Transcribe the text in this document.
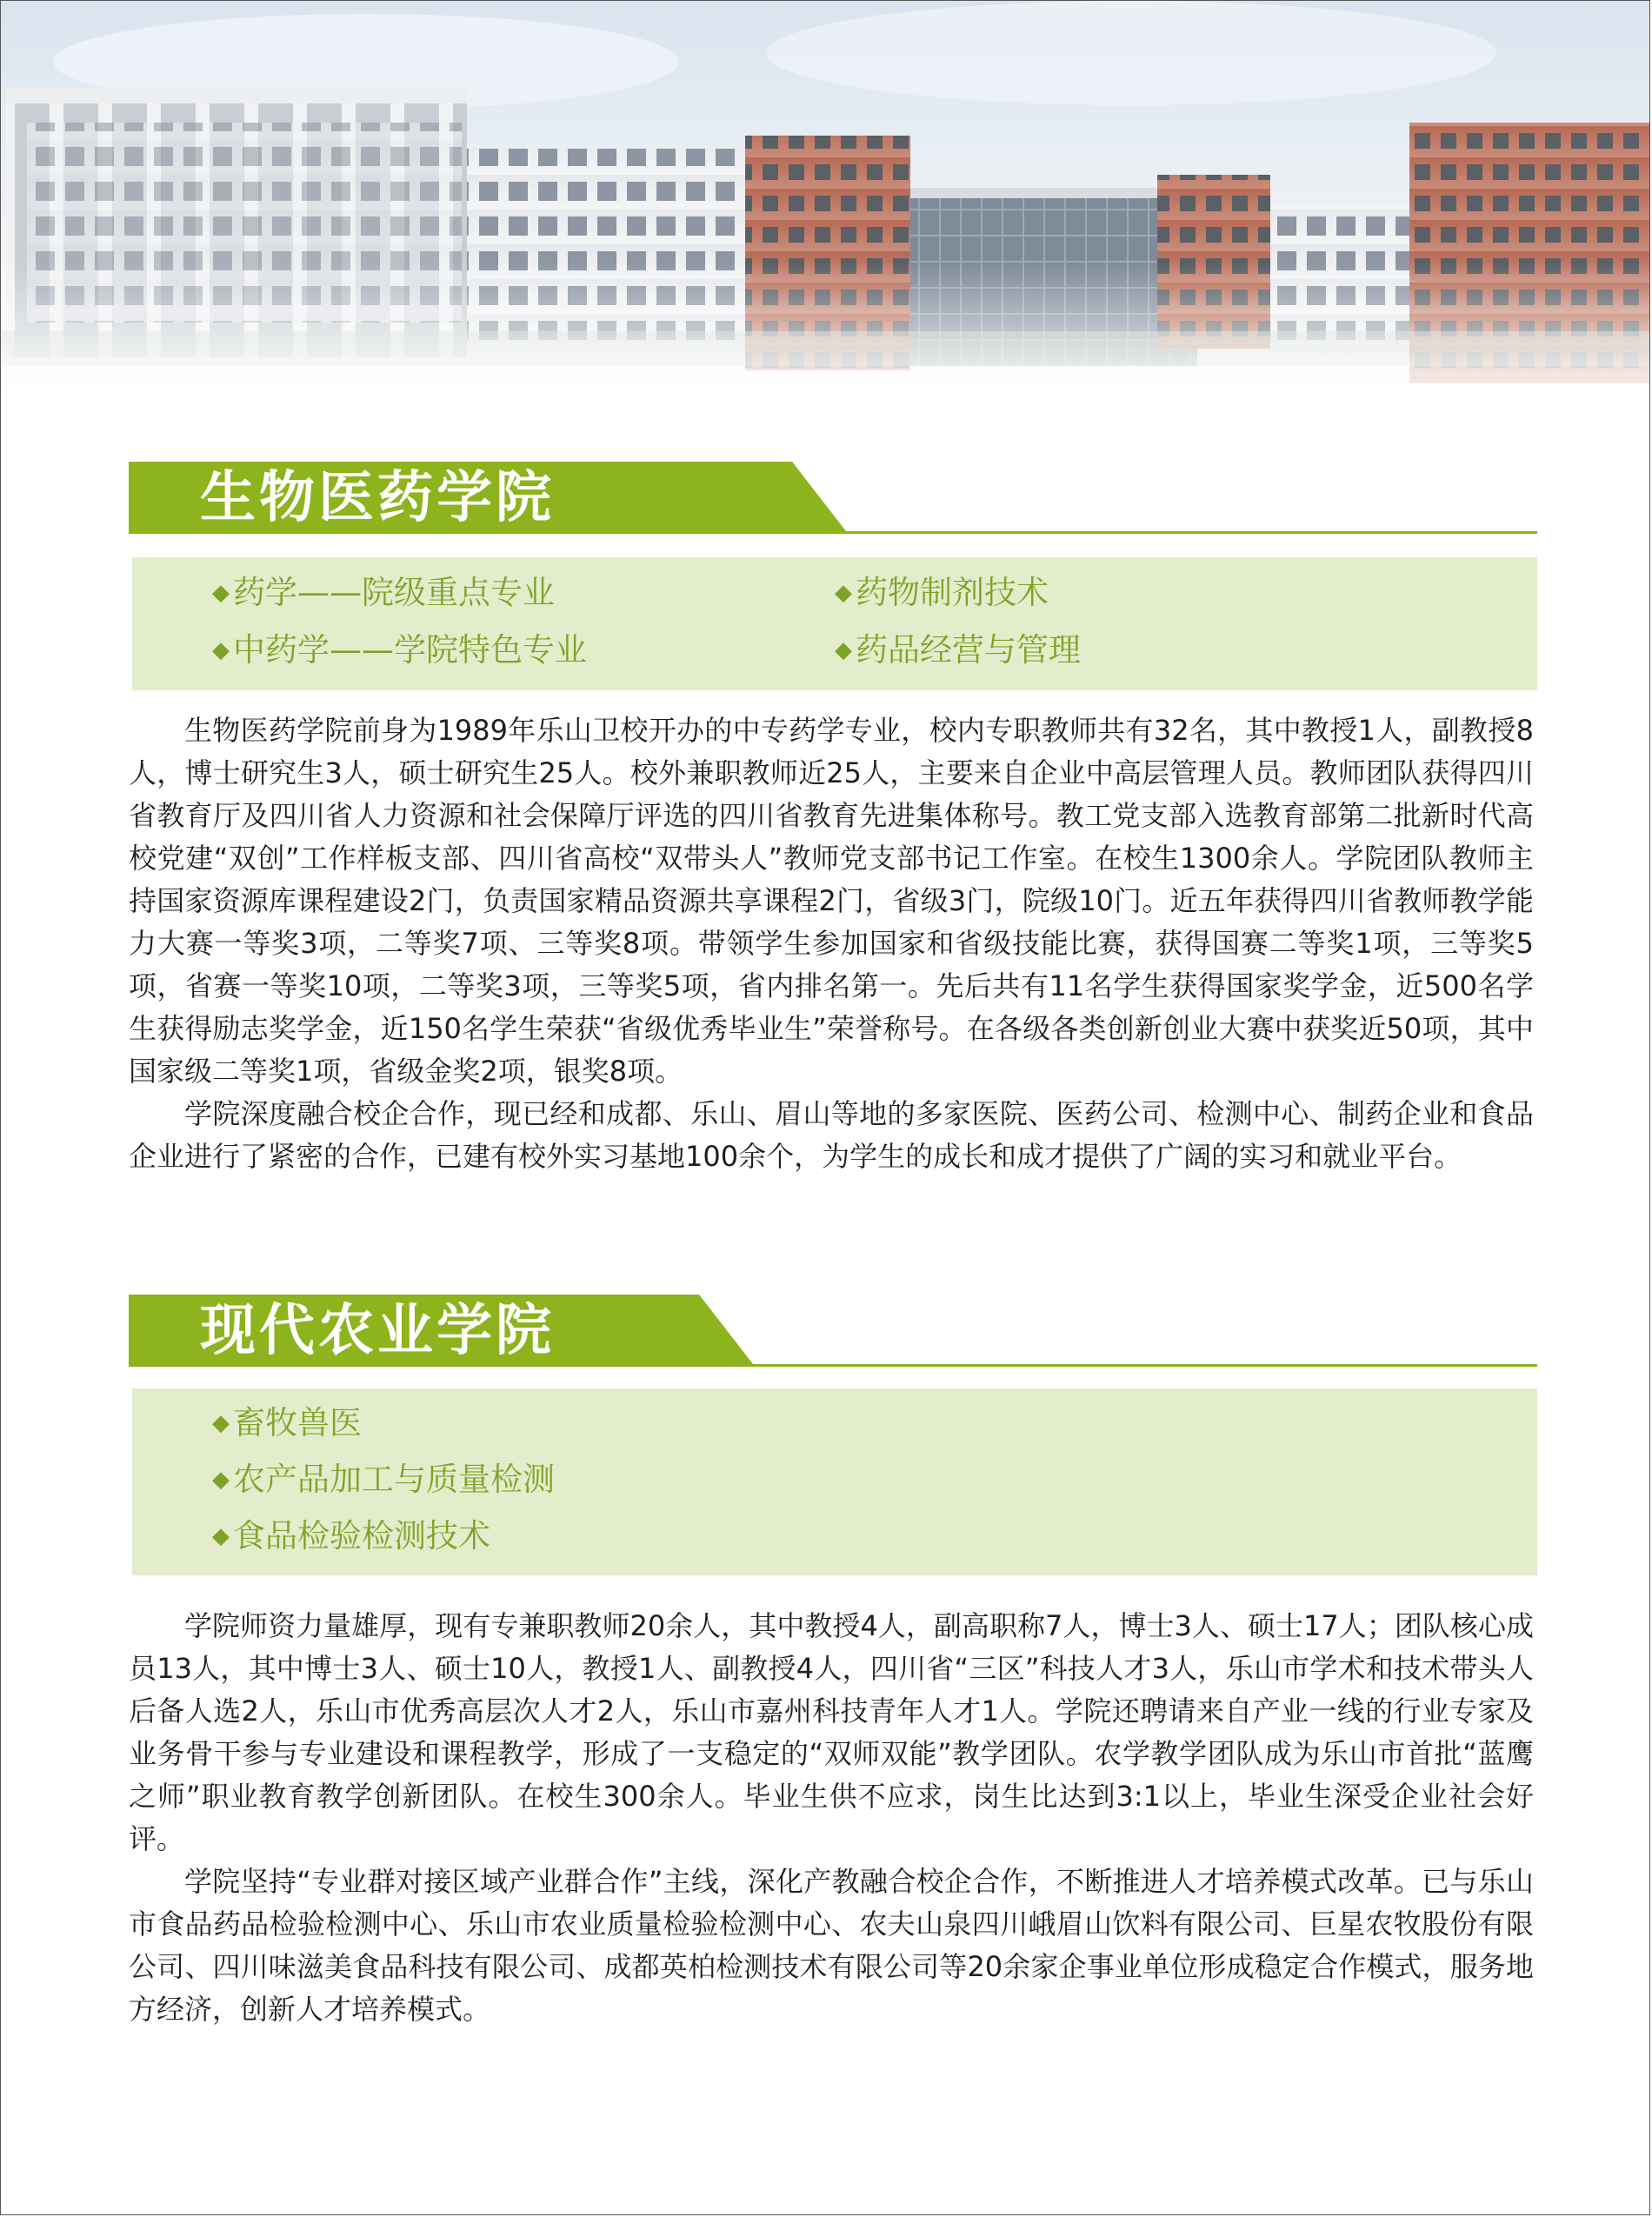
生物医药学院
◆ 药学——院级重点专业	◆ 药物制剂技术
◆ 中药学——学院特色专业	◆ 药品经营与管理

生物医药学院前身为1989年乐山卫校开办的中专药学专业，校内专职教师共有32名，其中教授1人，副教授8人，博士研究生3人，硕士研究生25人。校外兼职教师近25人，主要来自企业中高层管理人员。教师团队获得四川省教育厅及四川省人力资源和社会保障厅评选的四川省教育先进集体称号。教工党支部入选教育部第二批新时代高校党建“双创”工作样板支部、四川省高校“双带头人”教师党支部书记工作室。在校生1300余人。学院团队教师主持国家资源库课程建设2门，负责国家精品资源共享课程2门，省级3门，院级10门。近五年获得四川省教师教学能力大赛一等奖3项，二等奖7项、三等奖8项。带领学生参加国家和省级技能比赛，获得国赛二等奖1项，三等奖5项，省赛一等奖10项，二等奖3项，三等奖5项，省内排名第一。先后共有11名学生获得国家奖学金，近500名学生获得励志奖学金，近150名学生荣获“省级优秀毕业生”荣誉称号。在各级各类创新创业大赛中获奖近50项，其中国家级二等奖1项，省级金奖2项，银奖8项。

学院深度融合校企合作，现已经和成都、乐山、眉山等地的多家医院、医药公司、检测中心、制药企业和食品企业进行了紧密的合作，已建有校外实习基地100余个，为学生的成长和成才提供了广阔的实习和就业平台。

现代农业学院
◆ 畜牧兽医
◆ 农产品加工与质量检测
◆ 食品检验检测技术

学院师资力量雄厚，现有专兼职教师20余人，其中教授4人，副高职称7人，博士3人、硕士17人；团队核心成员13人，其中博士3人、硕士10人，教授1人、副教授4人，四川省“三区”科技人才3人，乐山市学术和技术带头人后备人选2人，乐山市优秀高层次人才2人，乐山市嘉州科技青年人才1人。学院还聘请来自产业一线的行业专家及业务骨干参与专业建设和课程教学，形成了一支稳定的“双师双能”教学团队。农学教学团队成为乐山市首批“蓝鹰之师”职业教育教学创新团队。在校生300余人。毕业生供不应求，岗生比达到3:1以上，毕业生深受企业社会好评。

学院坚持“专业群对接区域产业群合作”主线，深化产教融合校企合作，不断推进人才培养模式改革。已与乐山市食品药品检验检测中心、乐山市农业质量检验检测中心、农夫山泉四川峨眉山饮料有限公司、巨星农牧股份有限公司、四川味滋美食品科技有限公司、成都英柏检测技术有限公司等20余家企事业单位形成稳定合作模式，服务地方经济，创新人才培养模式。
